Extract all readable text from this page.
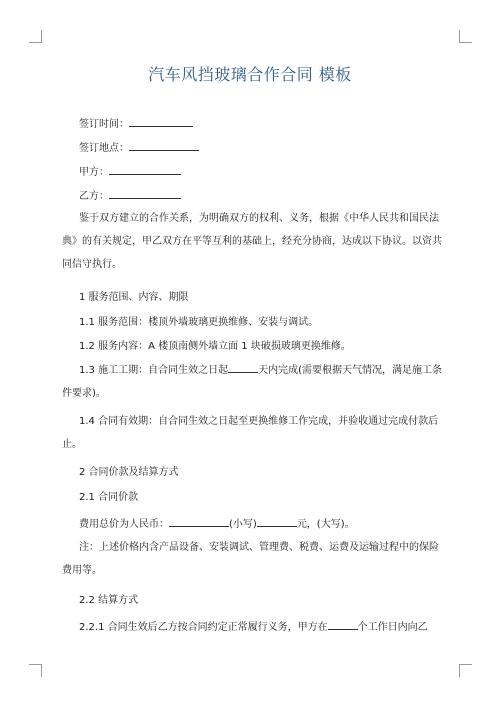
汽车风挡玻璃合作合同 模板
签订时间：
签订地点：
甲方：
乙方：
鉴于双方建立的合作关系，为明确双方的权利、义务，根据《中华人民共和国民法典》的有关规定，甲乙双方在平等互利的基础上，经充分协商，达成以下协议。以资共同信守执行。
1 服务范围、内容、期限
1.1 服务范围：楼顶外墙玻璃更换维修、安装与调试。
1.2 服务内容：A 楼顶南侧外墙立面 1 块破损玻璃更换维修。
1.3 施工工期：自合同生效之日起	天内完成(需要根据天气情况，满足施工条件要求)。
1.4 合同有效期：自合同生效之日起至更换维修工作完成，并验收通过完成付款后止。
2 合同价款及结算方式
2.1 合同价款
费用总价为人民币：	(小写)	元，(大写)。
注：上述价格内含产品设备、安装调试、管理费、税费、运费及运输过程中的保险费用等。
2.2 结算方式
2.2.1 合同生效后乙方按合同约定正常履行义务，甲方在	个工作日内向乙
